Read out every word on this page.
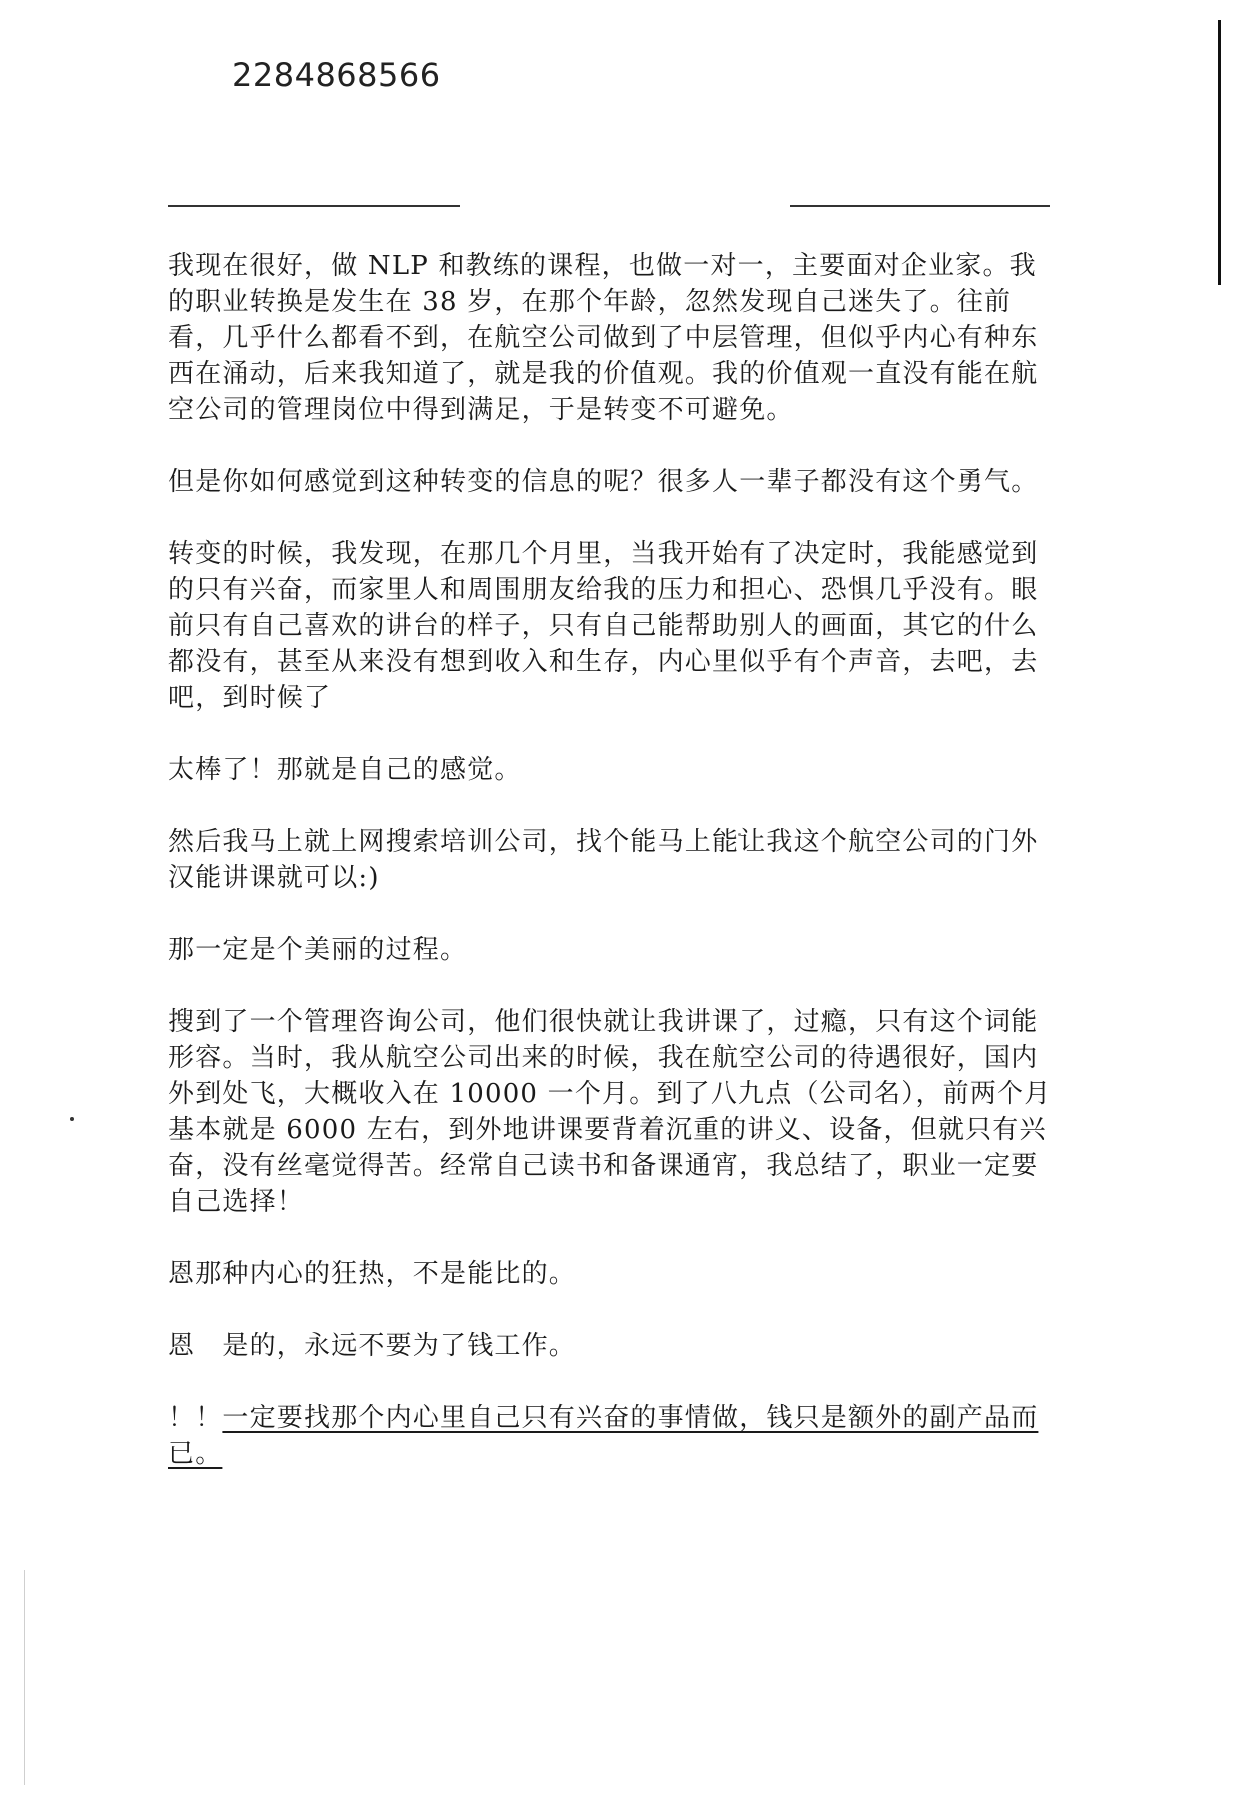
2284868566

我现在很好，做 NLP 和教练的课程，也做一对一，主要面对企业家。我的职业转换是发生在 38 岁，在那个年龄，忽然发现自己迷失了。往前看，几乎什么都看不到，在航空公司做到了中层管理，但似乎内心有种东西在涌动，后来我知道了，就是我的价值观。我的价值观一直没有能在航空公司的管理岗位中得到满足，于是转变不可避免。

但是你如何感觉到这种转变的信息的呢？很多人一辈子都没有这个勇气。

转变的时候，我发现，在那几个月里，当我开始有了决定时，我能感觉到的只有兴奋，而家里人和周围朋友给我的压力和担心、恐惧几乎没有。眼前只有自己喜欢的讲台的样子，只有自己能帮助别人的画面，其它的什么都没有，甚至从来没有想到收入和生存，内心里似乎有个声音，去吧，去吧，到时候了

太棒了！那就是自己的感觉。

然后我马上就上网搜索培训公司，找个能马上能让我这个航空公司的门外汉能讲课就可以:)

那一定是个美丽的过程。

搜到了一个管理咨询公司，他们很快就让我讲课了，过瘾，只有这个词能形容。当时，我从航空公司出来的时候，我在航空公司的待遇很好，国内外到处飞，大概收入在 10000 一个月。到了八九点（公司名），前两个月基本就是 6000 左右，到外地讲课要背着沉重的讲义、设备，但就只有兴奋，没有丝毫觉得苦。经常自己读书和备课通宵，我总结了，职业一定要自己选择！

恩那种内心的狂热，不是能比的。

恩　是的，永远不要为了钱工作。

！！一定要找那个内心里自己只有兴奋的事情做，钱只是额外的副产品而已。
